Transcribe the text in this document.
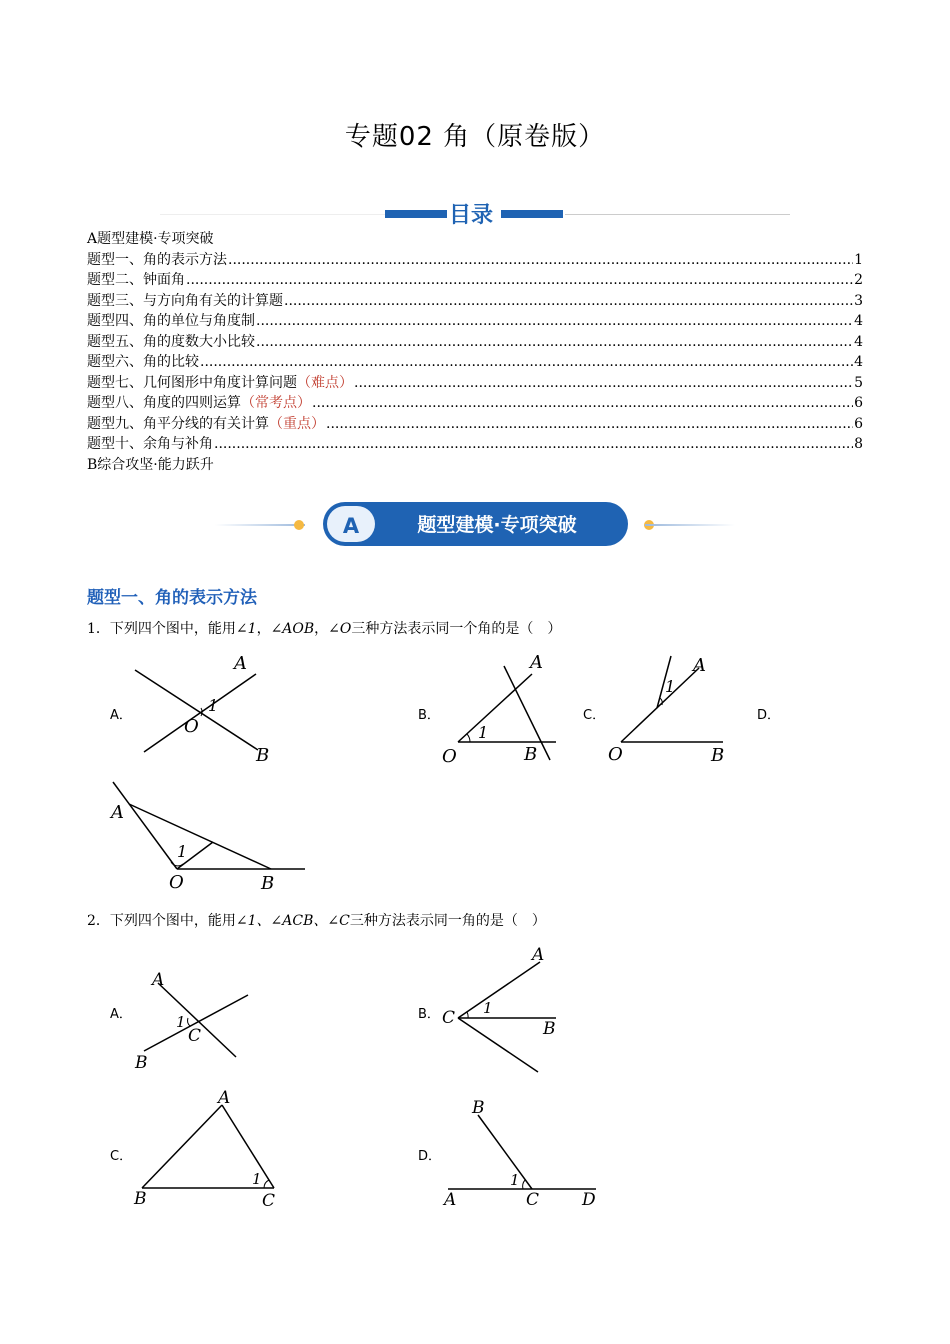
专题02 角（原卷版）
目录
A题型建模·专项突破
题型一、角的表示方法 .....	1
题型二、钟面角 .....	2
题型三、与方向角有关的计算题 .....	3
题型四、角的单位与角度制 .....	4
题型五、角的度数大小比较 .....	4
题型六、角的比较 .....	4
题型七、几何图形中角度计算问题 （难点） .....	5
题型八、角度的四则运算 （常考点） .....	6
题型九、角平分线的有关计算 （重点） .....	6
题型十、余角与补角 .....	8
B综合攻坚·能力跃升
A	题型建模·专项突破
题型一、角的表示方法
1．下列四个图中，能用∠1，∠AOB，∠O三种方法表示同一个角的是（　）
A．	B．	C．	D．
A
1
O
B
A
1
O	B
A
1
O	B
A
1
O	B
2．下列四个图中，能用∠1、∠ACB、∠C三种方法表示同一角的是（　）
A．	B．
C．	D．
A
1
C
B
A
1
C
B
A
1
B	C
B
1
A	C	D
